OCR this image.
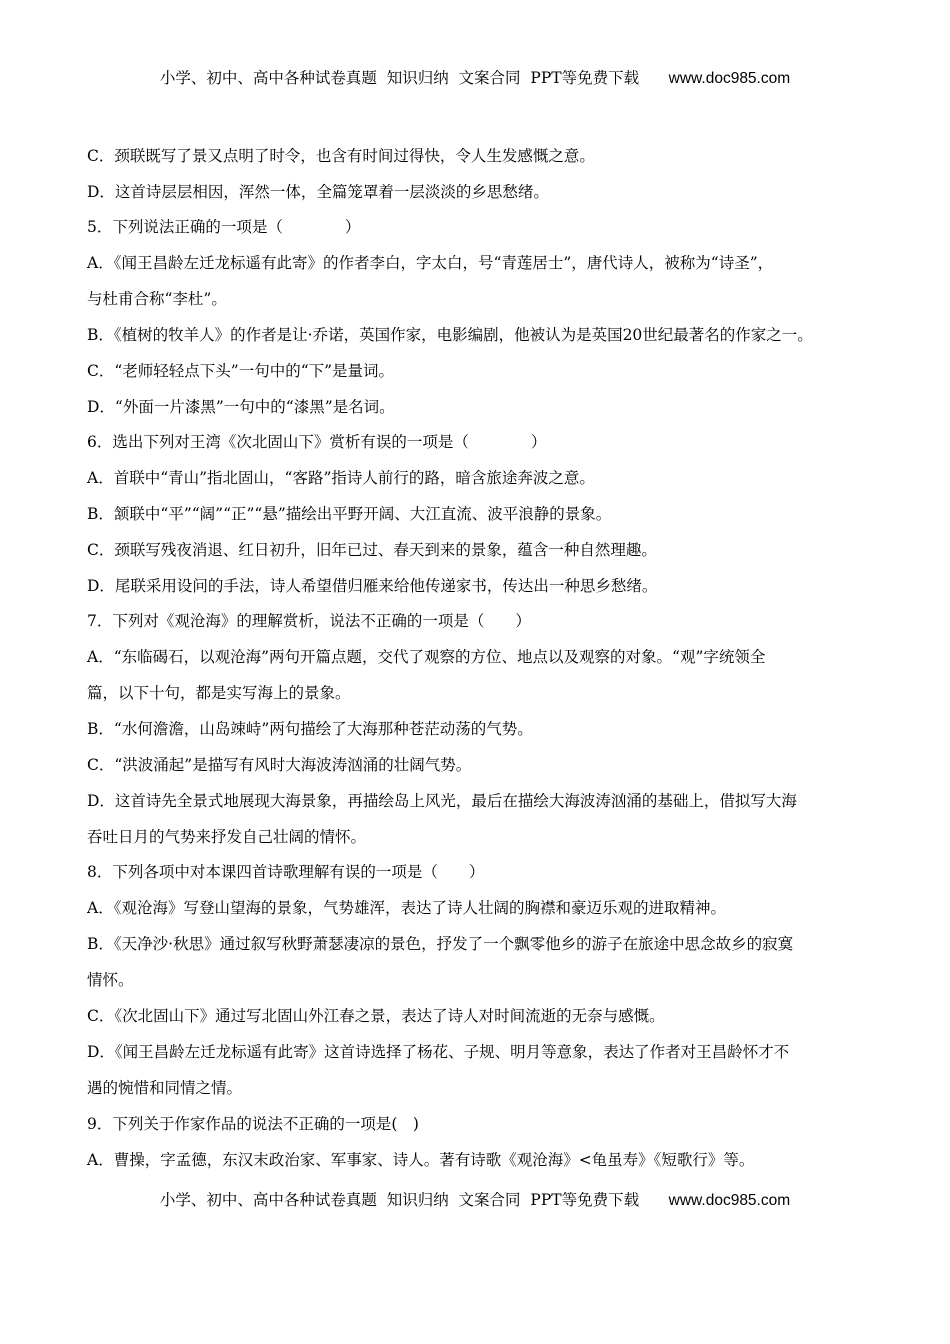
小学、初中、高中各种试卷真题  知识归纳  文案合同  PPT等免费下载 www.doc985.com
C．颈联既写了景又点明了时令，也含有时间过得快，令人生发感慨之意。
D．这首诗层层相因，浑然一体，全篇笼罩着一层淡淡的乡思愁绪。
5．下列说法正确的一项是（　　　　）
A．《闻王昌龄左迁龙标遥有此寄》的作者李白，字太白，号“青莲居士”，唐代诗人，被称为“诗圣”，
与杜甫合称“李杜”。
B．《植树的牧羊人》的作者是让·乔诺，英国作家，电影编剧，他被认为是英国20世纪最著名的作家之一。
C．“老师轻轻点下头”一句中的“下”是量词。
D．“外面一片漆黑”一句中的“漆黑”是名词。
6．选出下列对王湾《次北固山下》赏析有误的一项是（　　　　）
A．首联中“青山”指北固山，“客路”指诗人前行的路，暗含旅途奔波之意。
B．颔联中“平”“阔”“正”“悬”描绘出平野开阔、大江直流、波平浪静的景象。
C．颈联写残夜消退、红日初升，旧年已过、春天到来的景象，蕴含一种自然理趣。
D．尾联采用设问的手法，诗人希望借归雁来给他传递家书，传达出一种思乡愁绪。
7．下列对《观沧海》的理解赏析，说法不正确的一项是（　　）
A．“东临碣石，以观沧海”两句开篇点题，交代了观察的方位、地点以及观察的对象。“观”字统领全
篇，以下十句，都是实写海上的景象。
B．“水何澹澹，山岛竦峙”两句描绘了大海那种苍茫动荡的气势。
C．“洪波涌起”是描写有风时大海波涛汹涌的壮阔气势。
D．这首诗先全景式地展现大海景象，再描绘岛上风光，最后在描绘大海波涛汹涌的基础上，借拟写大海
吞吐日月的气势来抒发自己壮阔的情怀。
8．下列各项中对本课四首诗歌理解有误的一项是（　　）
A．《观沧海》写登山望海的景象，气势雄浑，表达了诗人壮阔的胸襟和豪迈乐观的进取精神。
B．《天净沙·秋思》通过叙写秋野萧瑟凄凉的景色，抒发了一个飘零他乡的游子在旅途中思念故乡的寂寞
情怀。
C．《次北固山下》通过写北固山外江春之景，表达了诗人对时间流逝的无奈与感慨。
D．《闻王昌龄左迁龙标遥有此寄》这首诗选择了杨花、子规、明月等意象，表达了作者对王昌龄怀才不
遇的惋惜和同情之情。
9．下列关于作家作品的说法不正确的一项是(　)
A．曹操，字孟德，东汉末政治家、军事家、诗人。著有诗歌《观沧海》<龟虽寿》《短歌行》等。
小学、初中、高中各种试卷真题  知识归纳  文案合同  PPT等免费下载 www.doc985.com
